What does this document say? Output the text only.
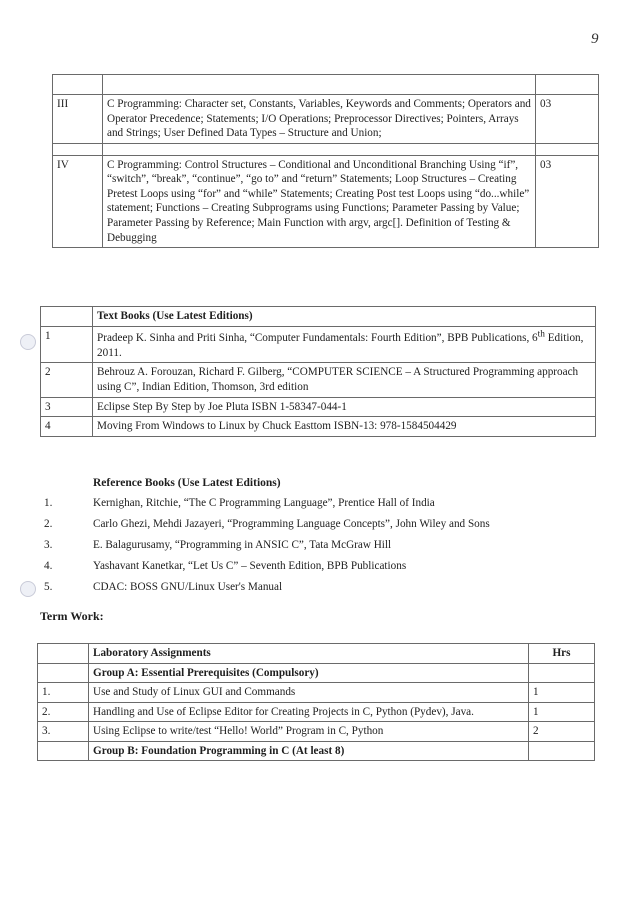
9

III	C Programming: Character set, Constants, Variables, Keywords and Comments; Operators and Operator Precedence; Statements; I/O Operations; Preprocessor Directives; Pointers, Arrays and Strings; User Defined Data Types – Structure and Union;	03

IV	C Programming: Control Structures – Conditional and Unconditional Branching Using “if”, “switch”, “break”, “continue”, “go to” and “return” Statements; Loop Structures – Creating Pretest Loops using “for” and “while” Statements; Creating Post test Loops using “do...while” statement; Functions – Creating Subprograms using Functions; Parameter Passing by Value; Parameter Passing by Reference; Main Function with argv, argc[]. Definition of Testing & Debugging	03
	Text Books (Use Latest Editions)
1	Pradeep K. Sinha and Priti Sinha, “Computer Fundamentals: Fourth Edition”, BPB Publications, 6th Edition, 2011.
2	Behrouz A. Forouzan, Richard F. Gilberg, “COMPUTER SCIENCE – A Structured Programming approach using C”, Indian Edition, Thomson, 3rd edition
3	Eclipse Step By Step by Joe Pluta ISBN 1-58347-044-1
4	Moving From Windows to Linux by Chuck Easttom ISBN-13: 978-1584504429
Reference Books (Use Latest Editions)
1.	Kernighan, Ritchie, “The C Programming Language”, Prentice Hall of India
2.	Carlo Ghezi, Mehdi Jazayeri, “Programming Language Concepts”, John Wiley and Sons
3.	E. Balagurusamy, “Programming in ANSIC C”, Tata McGraw Hill
4.	Yashavant Kanetkar, “Let Us C” – Seventh Edition, BPB Publications
5.	CDAC: BOSS GNU/Linux User's Manual
Term Work:
	Laboratory Assignments	Hrs
	Group A: Essential Prerequisites (Compulsory)	
1.	Use and Study of Linux GUI and Commands	1
2.	Handling and Use of Eclipse Editor for Creating Projects in C, Python (Pydev), Java.	1
3.	Using Eclipse to write/test “Hello! World” Program in C, Python	2
	Group B: Foundation Programming in C (At least 8)	
